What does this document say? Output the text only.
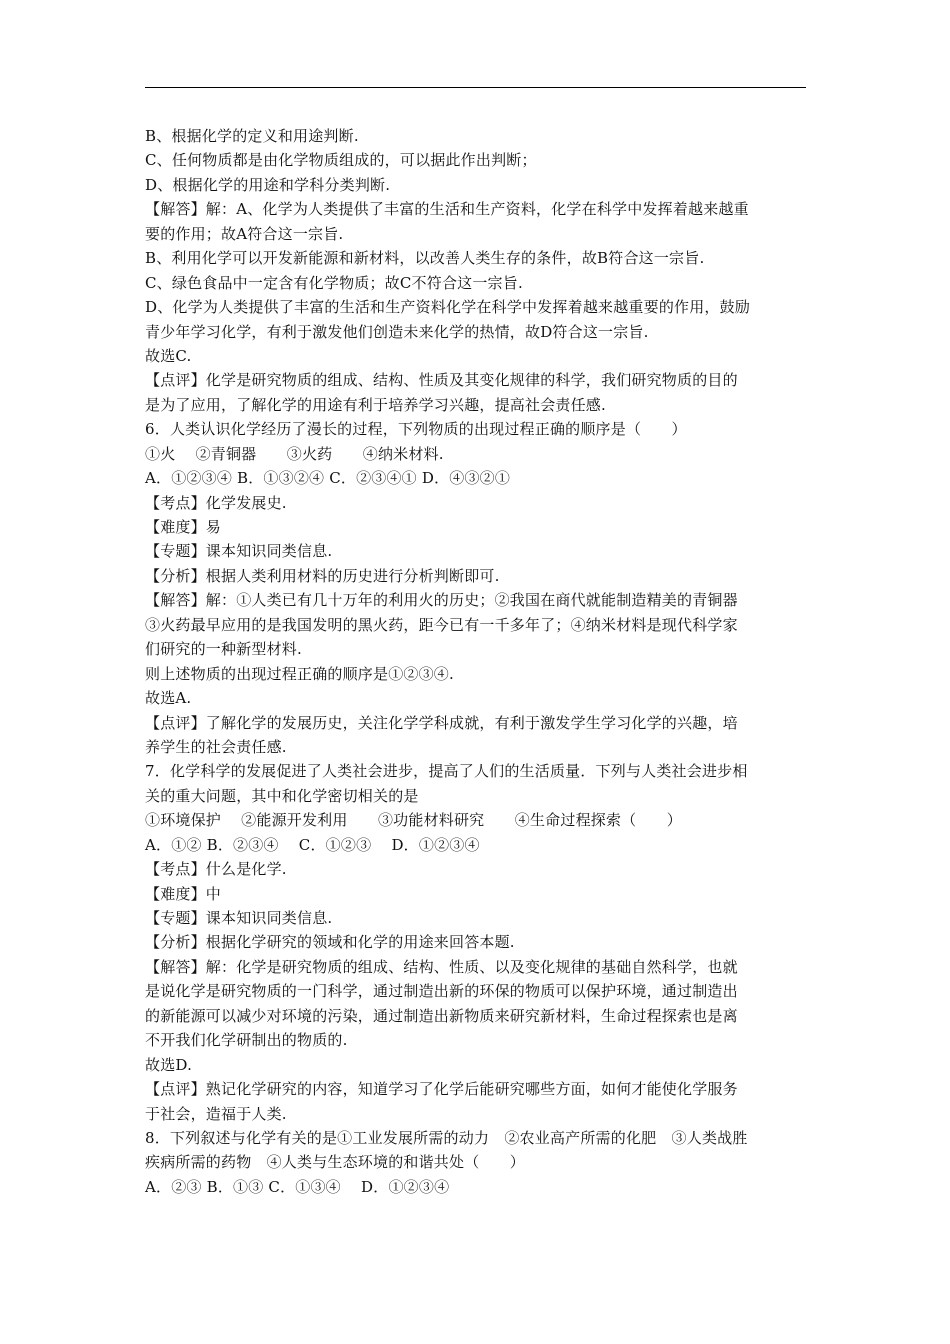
B、根据化学的定义和用途判断.
C、任何物质都是由化学物质组成的，可以据此作出判断；
D、根据化学的用途和学科分类判断.
【解答】解：A、化学为人类提供了丰富的生活和生产资料，化学在科学中发挥着越来越重
要的作用；故A符合这一宗旨.
B、利用化学可以开发新能源和新材料，以改善人类生存的条件，故B符合这一宗旨.
C、绿色食品中一定含有化学物质；故C不符合这一宗旨.
D、化学为人类提供了丰富的生活和生产资料化学在科学中发挥着越来越重要的作用，鼓励
青少年学习化学，有利于激发他们创造未来化学的热情，故D符合这一宗旨.
故选C.
【点评】化学是研究物质的组成、结构、性质及其变化规律的科学，我们研究物质的目的
是为了应用，了解化学的用途有利于培养学习兴趣，提高社会责任感.
6．人类认识化学经历了漫长的过程，下列物质的出现过程正确的顺序是（　　）
①火　 ②青铜器　　③火药　　④纳米材料.
A．①②③④ B．①③②④ C．②③④① D．④③②①
【考点】化学发展史.
【难度】易
【专题】课本知识同类信息.
【分析】根据人类利用材料的历史进行分析判断即可.
【解答】解：①人类已有几十万年的利用火的历史；②我国在商代就能制造精美的青铜器
③火药最早应用的是我国发明的黑火药，距今已有一千多年了；④纳米材料是现代科学家
们研究的一种新型材料.
则上述物质的出现过程正确的顺序是①②③④.
故选A.
【点评】了解化学的发展历史，关注化学学科成就，有利于激发学生学习化学的兴趣，培
养学生的社会责任感.
7．化学科学的发展促进了人类社会进步，提高了人们的生活质量．下列与人类社会进步相
关的重大问题，其中和化学密切相关的是
①环境保护　 ②能源开发利用　　③功能材料研究　　④生命过程探索（　　）
A．①② B．②③④　 C．①②③　 D．①②③④
【考点】什么是化学.
【难度】中
【专题】课本知识同类信息.
【分析】根据化学研究的领域和化学的用途来回答本题.
【解答】解：化学是研究物质的组成、结构、性质、以及变化规律的基础自然科学，也就
是说化学是研究物质的一门科学，通过制造出新的环保的物质可以保护环境，通过制造出
的新能源可以减少对环境的污染，通过制造出新物质来研究新材料，生命过程探索也是离
不开我们化学研制出的物质的.
故选D.
【点评】熟记化学研究的内容，知道学习了化学后能研究哪些方面，如何才能使化学服务
于社会，造福于人类.
8．下列叙述与化学有关的是①工业发展所需的动力　②农业高产所需的化肥　③人类战胜
疾病所需的药物　④人类与生态环境的和谐共处（　　）
A．②③ B．①③ C．①③④　 D．①②③④
